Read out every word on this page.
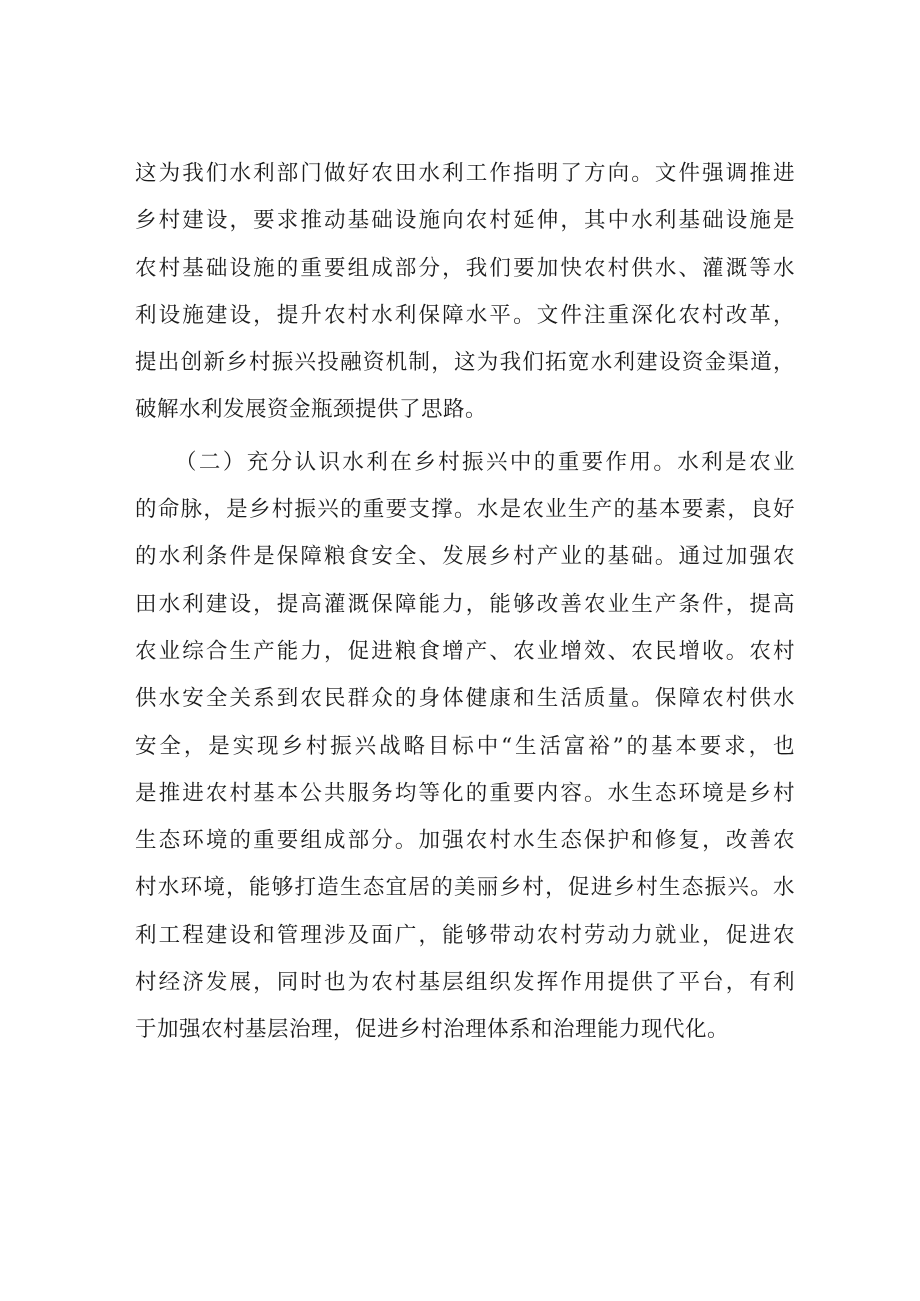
这为我们水利部门做好农田水利工作指明了方向。文件强调推进
乡村建设，要求推动基础设施向农村延伸，其中水利基础设施是
农村基础设施的重要组成部分，我们要加快农村供水、灌溉等水
利设施建设，提升农村水利保障水平。文件注重深化农村改革，
提出创新乡村振兴投融资机制，这为我们拓宽水利建设资金渠道，
破解水利发展资金瓶颈提供了思路。
（二）充分认识水利在乡村振兴中的重要作用。水利是农业
的命脉，是乡村振兴的重要支撑。水是农业生产的基本要素，良好
的水利条件是保障粮食安全、发展乡村产业的基础。通过加强农
田水利建设，提高灌溉保障能力，能够改善农业生产条件，提高
农业综合生产能力，促进粮食增产、农业增效、农民增收。农村
供水安全关系到农民群众的身体健康和生活质量。保障农村供水
安全，是实现乡村振兴战略目标中“生活富裕”的基本要求，也
是推进农村基本公共服务均等化的重要内容。水生态环境是乡村
生态环境的重要组成部分。加强农村水生态保护和修复，改善农
村水环境，能够打造生态宜居的美丽乡村，促进乡村生态振兴。水
利工程建设和管理涉及面广，能够带动农村劳动力就业，促进农
村经济发展，同时也为农村基层组织发挥作用提供了平台，有利
于加强农村基层治理，促进乡村治理体系和治理能力现代化。
